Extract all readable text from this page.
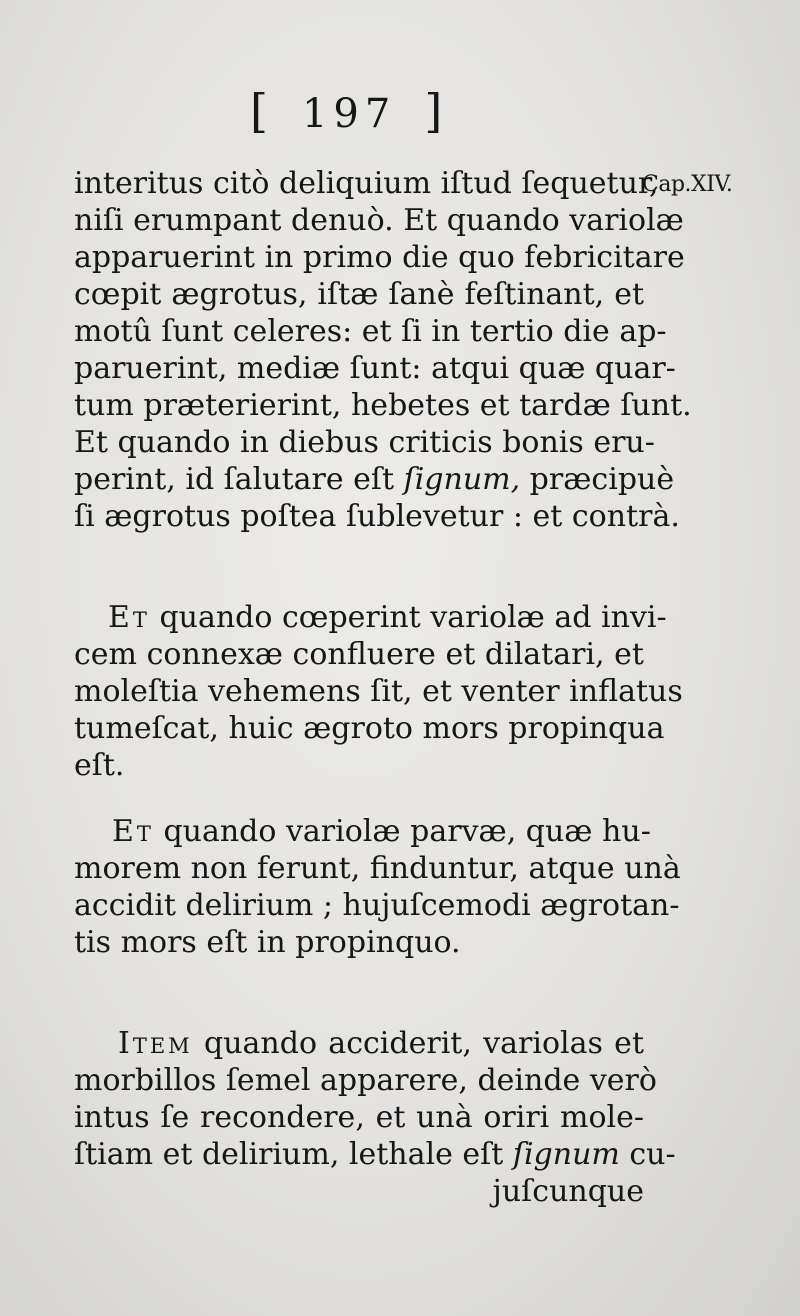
[ 197 ]
Cap.XIV.
interitus citò deliquium iſtud ſequetur,
niſi erumpant denuò. Et quando variolæ
apparuerint in primo die quo febricitare
cœpit ægrotus, iſtæ ſanè feſtinant, et
motû ſunt celeres: et ſi in tertio die ap-
paruerint, mediæ ſunt: atqui quæ quar-
tum præterierint, hebetes et tardæ ſunt.
Et quando in diebus criticis bonis eru-
perint, id ſalutare eſt ſignum, præcipuè
ſi ægrotus poſtea ſublevetur : et contrà.
Et quando cœperint variolæ ad invi-
cem connexæ confluere et dilatari, et
moleſtia vehemens ſit, et venter inflatus
tumeſcat, huic ægroto mors propinqua
eſt.
Et quando variolæ parvæ, quæ hu-
morem non ferunt, finduntur, atque unà
accidit delirium ; hujuſcemodi ægrotan-
tis mors eſt in propinquo.
Item quando acciderit, variolas et
morbillos ſemel apparere, deinde verò
intus ſe recondere, et unà oriri mole-
ſtiam et delirium, lethale eſt ſignum cu-
juſcunque
